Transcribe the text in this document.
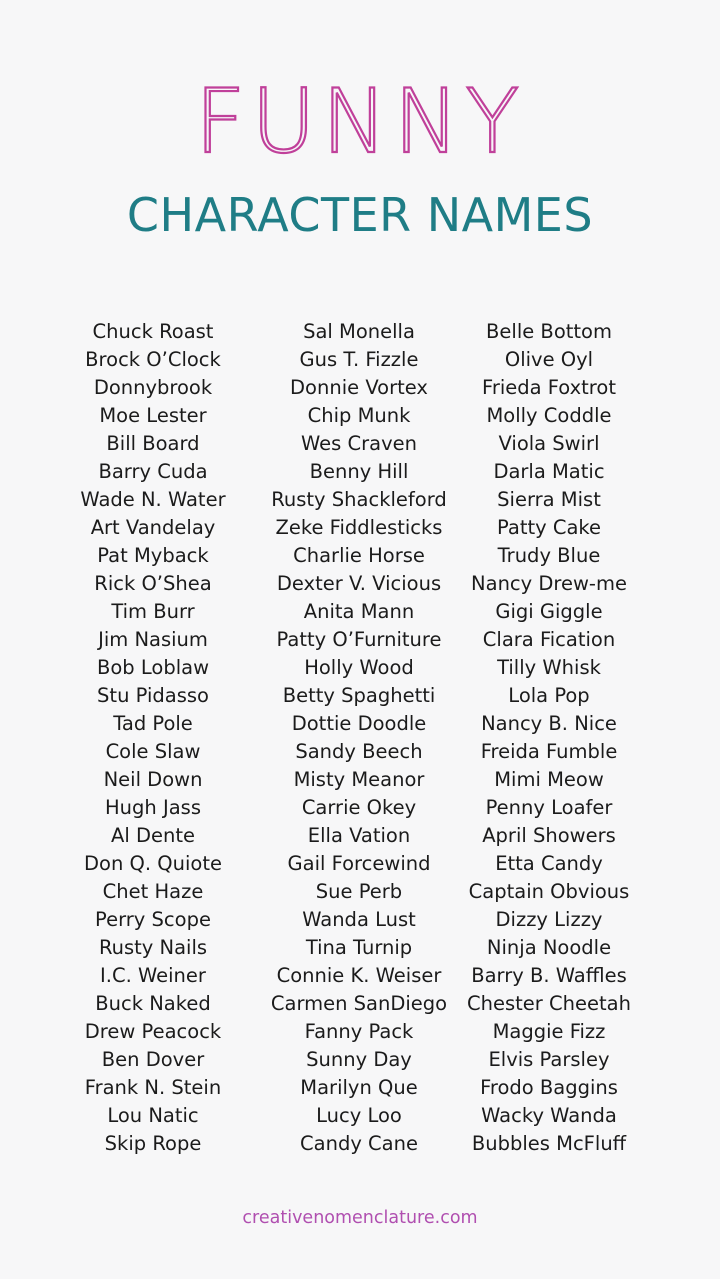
FUNNY
CHARACTER NAMES
Chuck Roast
Brock O’Clock
Donnybrook
Moe Lester
Bill Board
Barry Cuda
Wade N. Water
Art Vandelay
Pat Myback
Rick O’Shea
Tim Burr
Jim Nasium
Bob Loblaw
Stu Pidasso
Tad Pole
Cole Slaw
Neil Down
Hugh Jass
Al Dente
Don Q. Quiote
Chet Haze
Perry Scope
Rusty Nails
I.C. Weiner
Buck Naked
Drew Peacock
Ben Dover
Frank N. Stein
Lou Natic
Skip Rope
Sal Monella
Gus T. Fizzle
Donnie Vortex
Chip Munk
Wes Craven
Benny Hill
Rusty Shackleford
Zeke Fiddlesticks
Charlie Horse
Dexter V. Vicious
Anita Mann
Patty O’Furniture
Holly Wood
Betty Spaghetti
Dottie Doodle
Sandy Beech
Misty Meanor
Carrie Okey
Ella Vation
Gail Forcewind
Sue Perb
Wanda Lust
Tina Turnip
Connie K. Weiser
Carmen SanDiego
Fanny Pack
Sunny Day
Marilyn Que
Lucy Loo
Candy Cane
Belle Bottom
Olive Oyl
Frieda Foxtrot
Molly Coddle
Viola Swirl
Darla Matic
Sierra Mist
Patty Cake
Trudy Blue
Nancy Drew-me
Gigi Giggle
Clara Fication
Tilly Whisk
Lola Pop
Nancy B. Nice
Freida Fumble
Mimi Meow
Penny Loafer
April Showers
Etta Candy
Captain Obvious
Dizzy Lizzy
Ninja Noodle
Barry B. Waffles
Chester Cheetah
Maggie Fizz
Elvis Parsley
Frodo Baggins
Wacky Wanda
Bubbles McFluff
creativenomenclature.com
